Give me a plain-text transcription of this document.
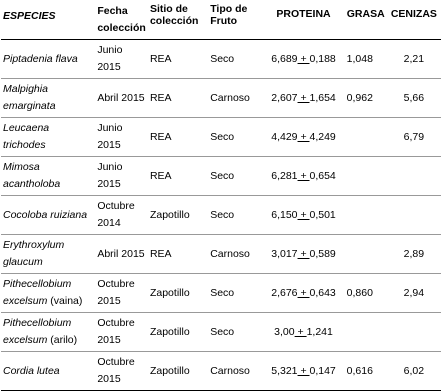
ESPECIES	Fecha colección	Sitio de colección	Tipo de Fruto	PROTEINA	GRASA	CENIZAS
Piptadenia flava	Junio 2015	REA	Seco	6,689 + 0,188	1,048	2,21
Malpighia emarginata	Abril 2015	REA	Carnoso	2,607 + 1,654	0,962	5,66
Leucaena trichodes	Junio 2015	REA	Seco	4,429 + 4,249		6,79
Mimosa acantholoba	Junio 2015	REA	Seco	6,281 + 0,654		
Cocoloba ruiziana	Octubre 2014	Zapotillo	Seco	6,150 + 0,501		
Erythroxylum glaucum	Abril 2015	REA	Carnoso	3,017 + 0,589		2,89
Pithecellobium excelsum (vaina)	Octubre 2015	Zapotillo	Seco	2,676 + 0,643	0,860	2,94
Pithecellobium excelsum (arilo)	Octubre 2015	Zapotillo	Seco	3,00 + 1,241		
Cordia lutea	Octubre 2015	Zapotillo	Carnoso	5,321 + 0,147	0,616	6,02
